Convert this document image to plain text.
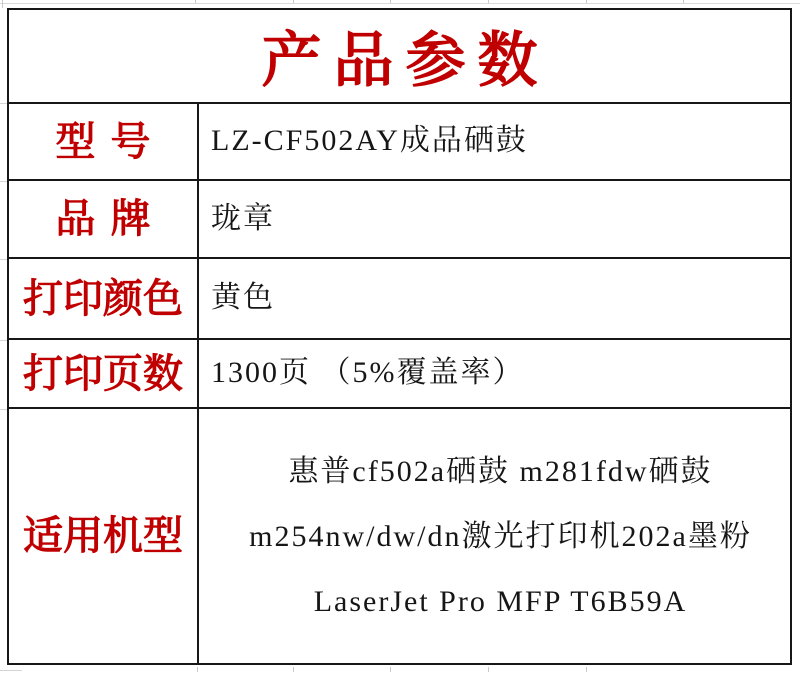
产品参数
型号	LZ-CF502AY成品硒鼓
品牌	珑章
打印颜色 黄色
打印页数 1300页 （5%覆盖率）
适用机型
惠普cf502a硒鼓 m281fdw硒鼓
m254nw/dw/dn激光打印机202a墨粉
LaserJet Pro MFP T6B59A
